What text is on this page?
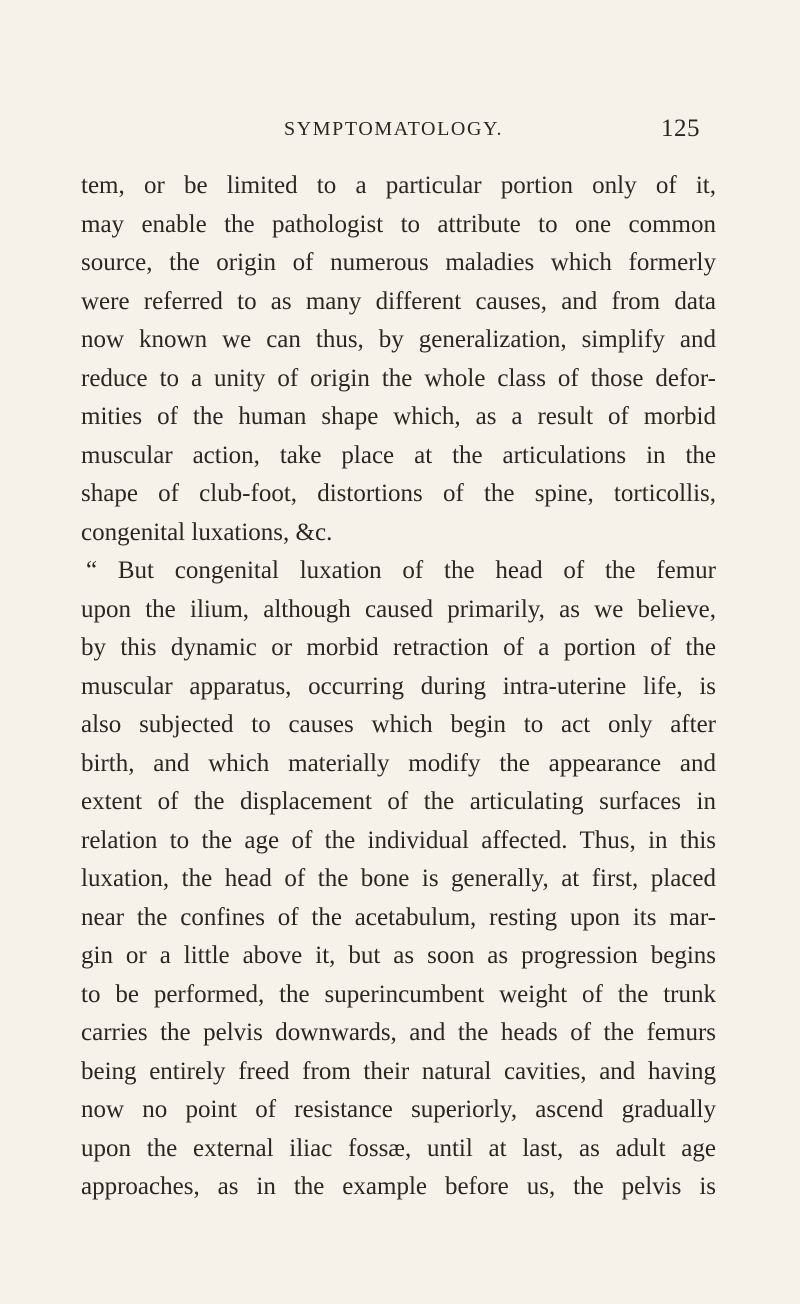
SYMPTOMATOLOGY.	125
tem, or be limited to a particular portion only of it,
may enable the pathologist to attribute to one common
source, the origin of numerous maladies which formerly
were referred to as many different causes, and from data
now known we can thus, by generalization, simplify and
reduce to a unity of origin the whole class of those defor-
mities of the human shape which, as a result of morbid
muscular action, take place at the articulations in the
shape of club-foot, distortions of the spine, torticollis,
congenital luxations, &c.
“ But congenital luxation of the head of the femur
upon the ilium, although caused primarily, as we believe,
by this dynamic or morbid retraction of a portion of the
muscular apparatus, occurring during intra-uterine life, is
also subjected to causes which begin to act only after
birth, and which materially modify the appearance and
extent of the displacement of the articulating surfaces in
relation to the age of the individual affected. Thus, in this
luxation, the head of the bone is generally, at first, placed
near the confines of the acetabulum, resting upon its mar-
gin or a little above it, but as soon as progression begins
to be performed, the superincumbent weight of the trunk
carries the pelvis downwards, and the heads of the femurs
being entirely freed from their natural cavities, and having
now no point of resistance superiorly, ascend gradually
upon the external iliac fossæ, until at last, as adult age
approaches, as in the example before us, the pelvis is
